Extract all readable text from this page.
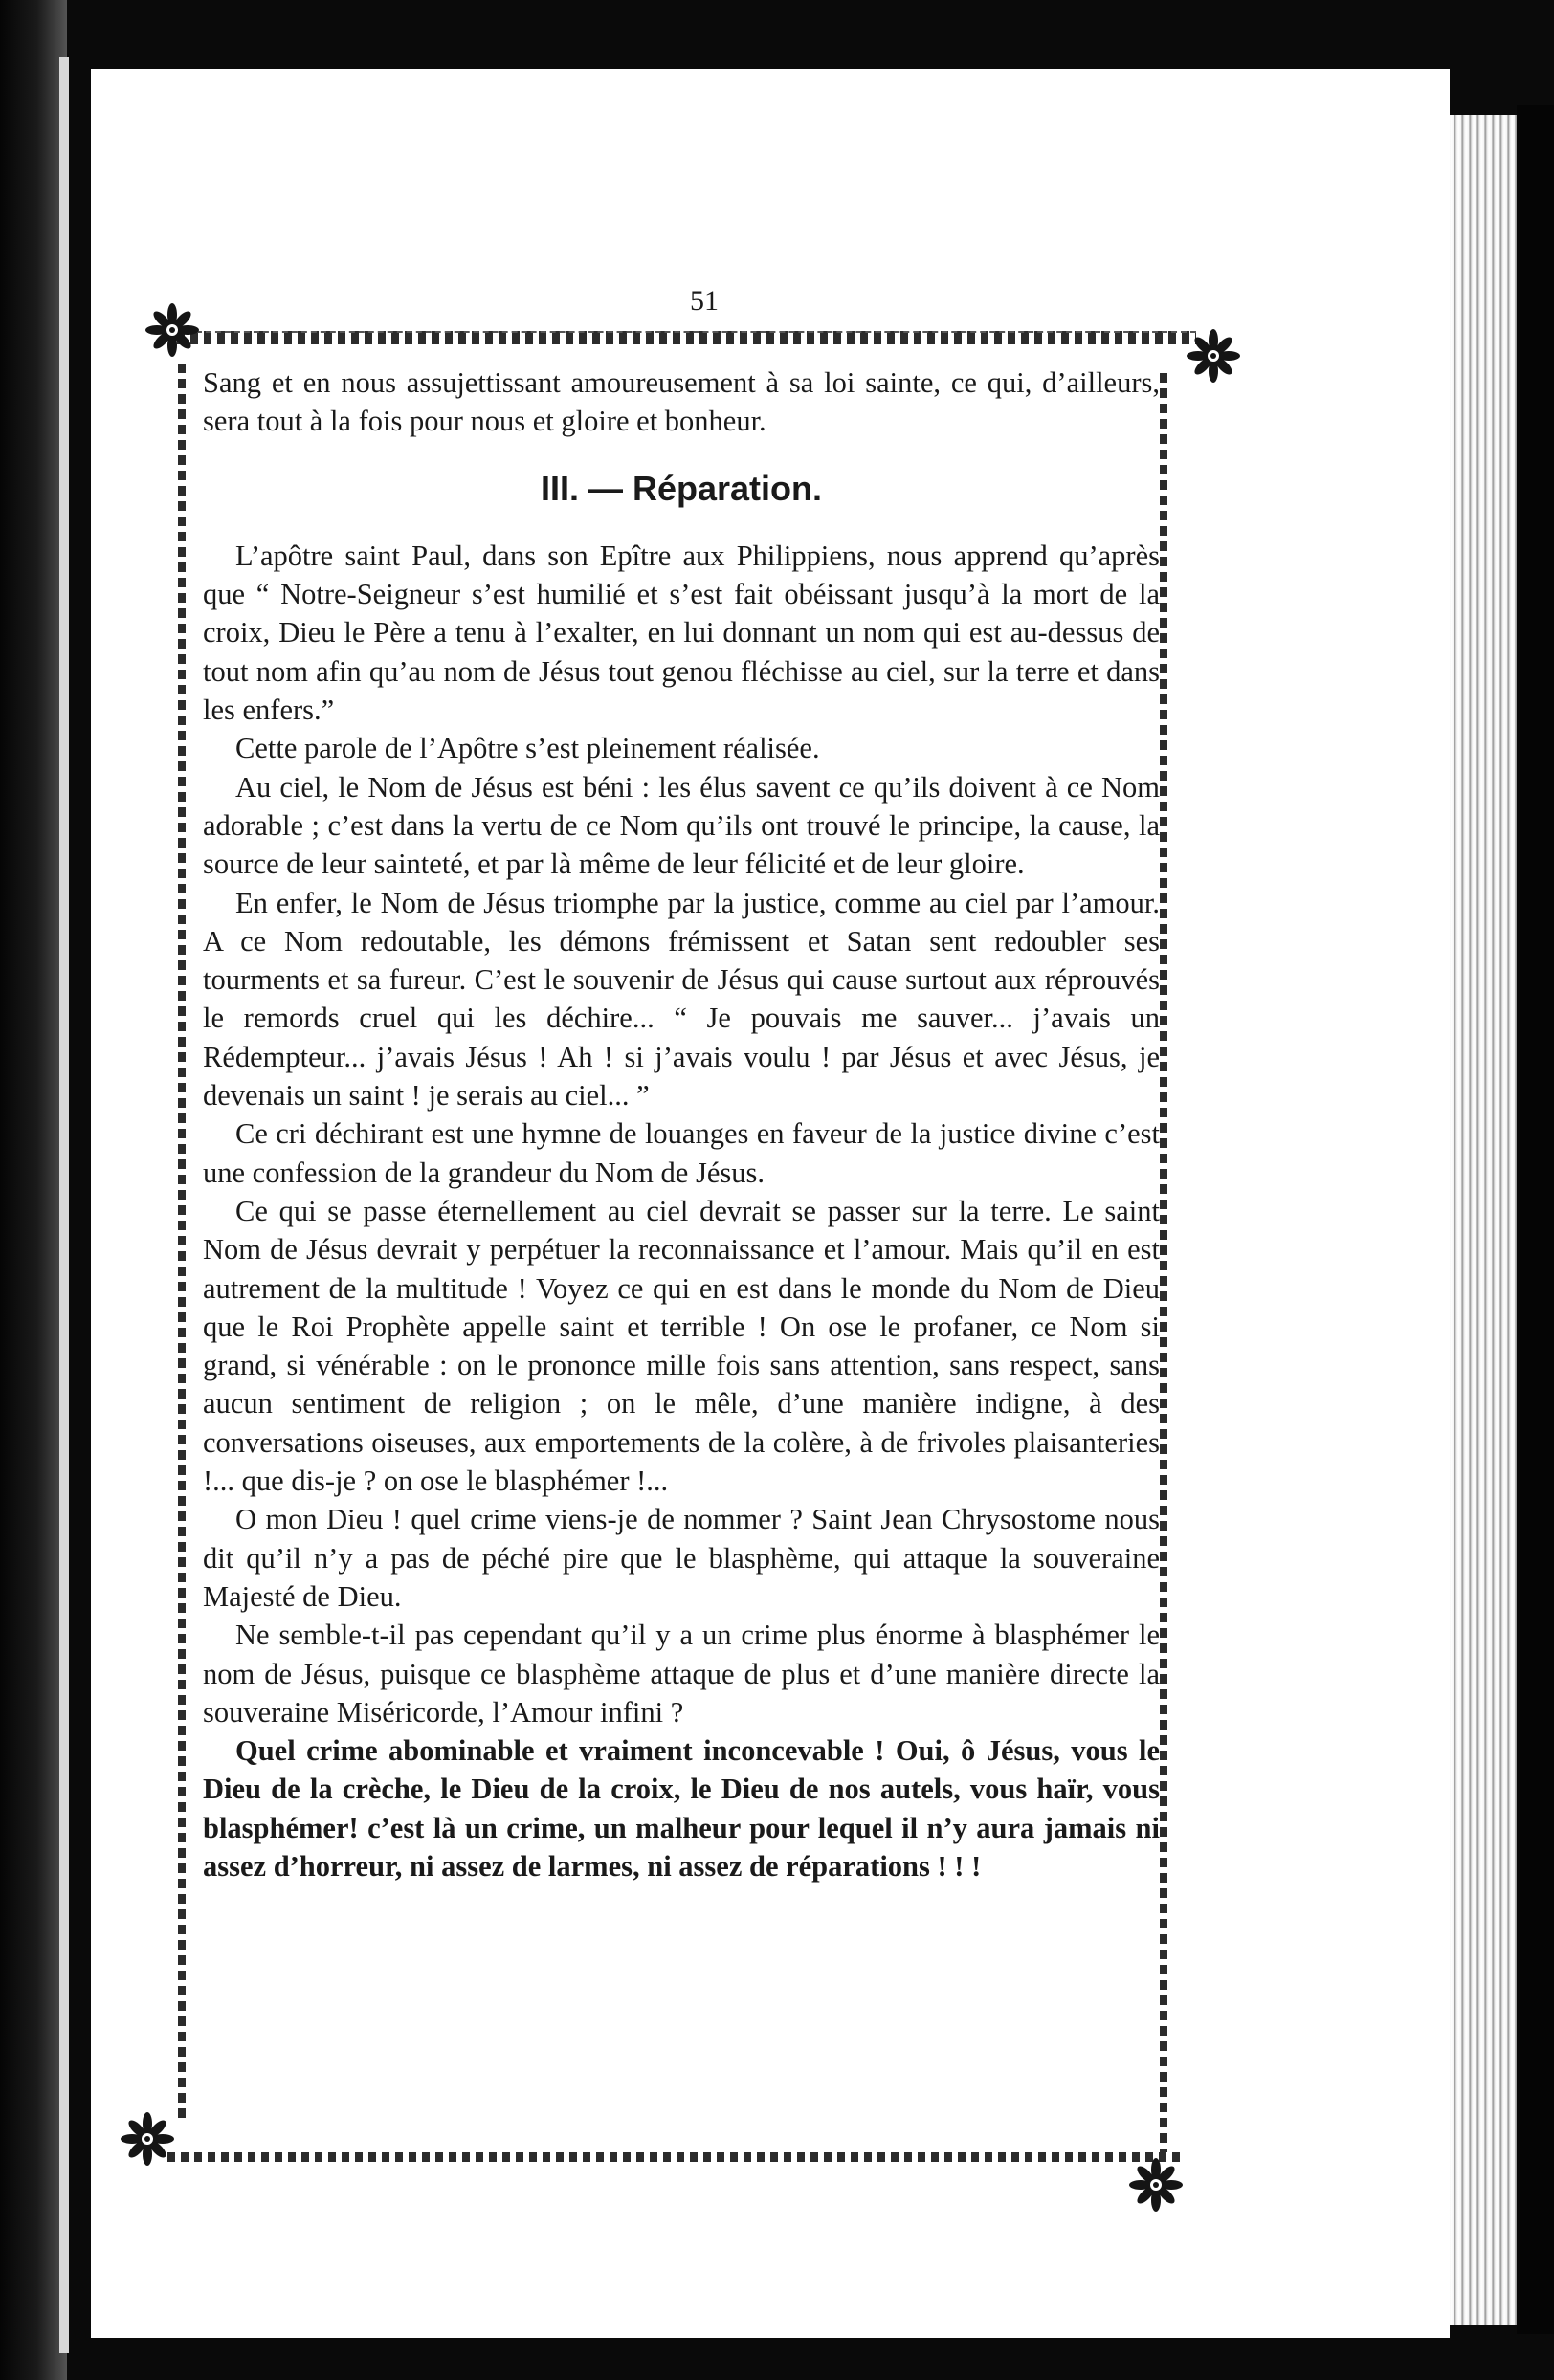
51

Sang et en nous assujettissant amoureusement à sa loi sainte, ce qui, d’ailleurs, sera tout à la fois pour nous et gloire et bonheur.

III. — Réparation.

L’apôtre saint Paul, dans son Epître aux Philippiens, nous apprend qu’après que “ Notre-Seigneur s’est humilié et s’est fait obéissant jusqu’à la mort de la croix, Dieu le Père a tenu à l’exalter, en lui donnant un nom qui est au-dessus de tout nom afin qu’au nom de Jésus tout genou fléchisse au ciel, sur la terre et dans les enfers.”

Cette parole de l’Apôtre s’est pleinement réalisée.

Au ciel, le Nom de Jésus est béni : les élus savent ce qu’ils doivent à ce Nom adorable ; c’est dans la vertu de ce Nom qu’ils ont trouvé le principe, la cause, la source de leur sainteté, et par là même de leur félicité et de leur gloire.

En enfer, le Nom de Jésus triomphe par la justice, comme au ciel par l’amour. A ce Nom redoutable, les démons frémissent et Satan sent redoubler ses tourments et sa fureur. C’est le souvenir de Jésus qui cause surtout aux réprouvés le remords cruel qui les déchire... “ Je pouvais me sauver... j’avais un Rédempteur... j’avais Jésus ! Ah ! si j’avais voulu ! par Jésus et avec Jésus, je devenais un saint ! je serais au ciel... ”

Ce cri déchirant est une hymne de louanges en faveur de la justice divine c’est une confession de la grandeur du Nom de Jésus.

Ce qui se passe éternellement au ciel devrait se passer sur la terre. Le saint Nom de Jésus devrait y perpétuer la reconnaissance et l’amour. Mais qu’il en est autrement de la multitude ! Voyez ce qui en est dans le monde du Nom de Dieu que le Roi Prophète appelle saint et terrible ! On ose le profaner, ce Nom si grand, si vénérable : on le prononce mille fois sans attention, sans respect, sans aucun sentiment de religion ; on le mêle, d’une manière indigne, à des conversations oiseuses, aux emportements de la colère, à de frivoles plaisanteries !... que dis-je ? on ose le blasphémer !...

O mon Dieu ! quel crime viens-je de nommer ? Saint Jean Chrysostome nous dit qu’il n’y a pas de péché pire que le blasphème, qui attaque la souveraine Majesté de Dieu.

Ne semble-t-il pas cependant qu’il y a un crime plus énorme à blasphémer le nom de Jésus, puisque ce blasphème attaque de plus et d’une manière directe la souveraine Miséricorde, l’Amour infini ?

Quel crime abominable et vraiment inconcevable ! Oui, ô Jésus, vous le Dieu de la crèche, le Dieu de la croix, le Dieu de nos autels, vous haïr, vous blasphémer! c’est là un crime, un malheur pour lequel il n’y aura jamais ni assez d’horreur, ni assez de larmes, ni assez de réparations ! ! !
